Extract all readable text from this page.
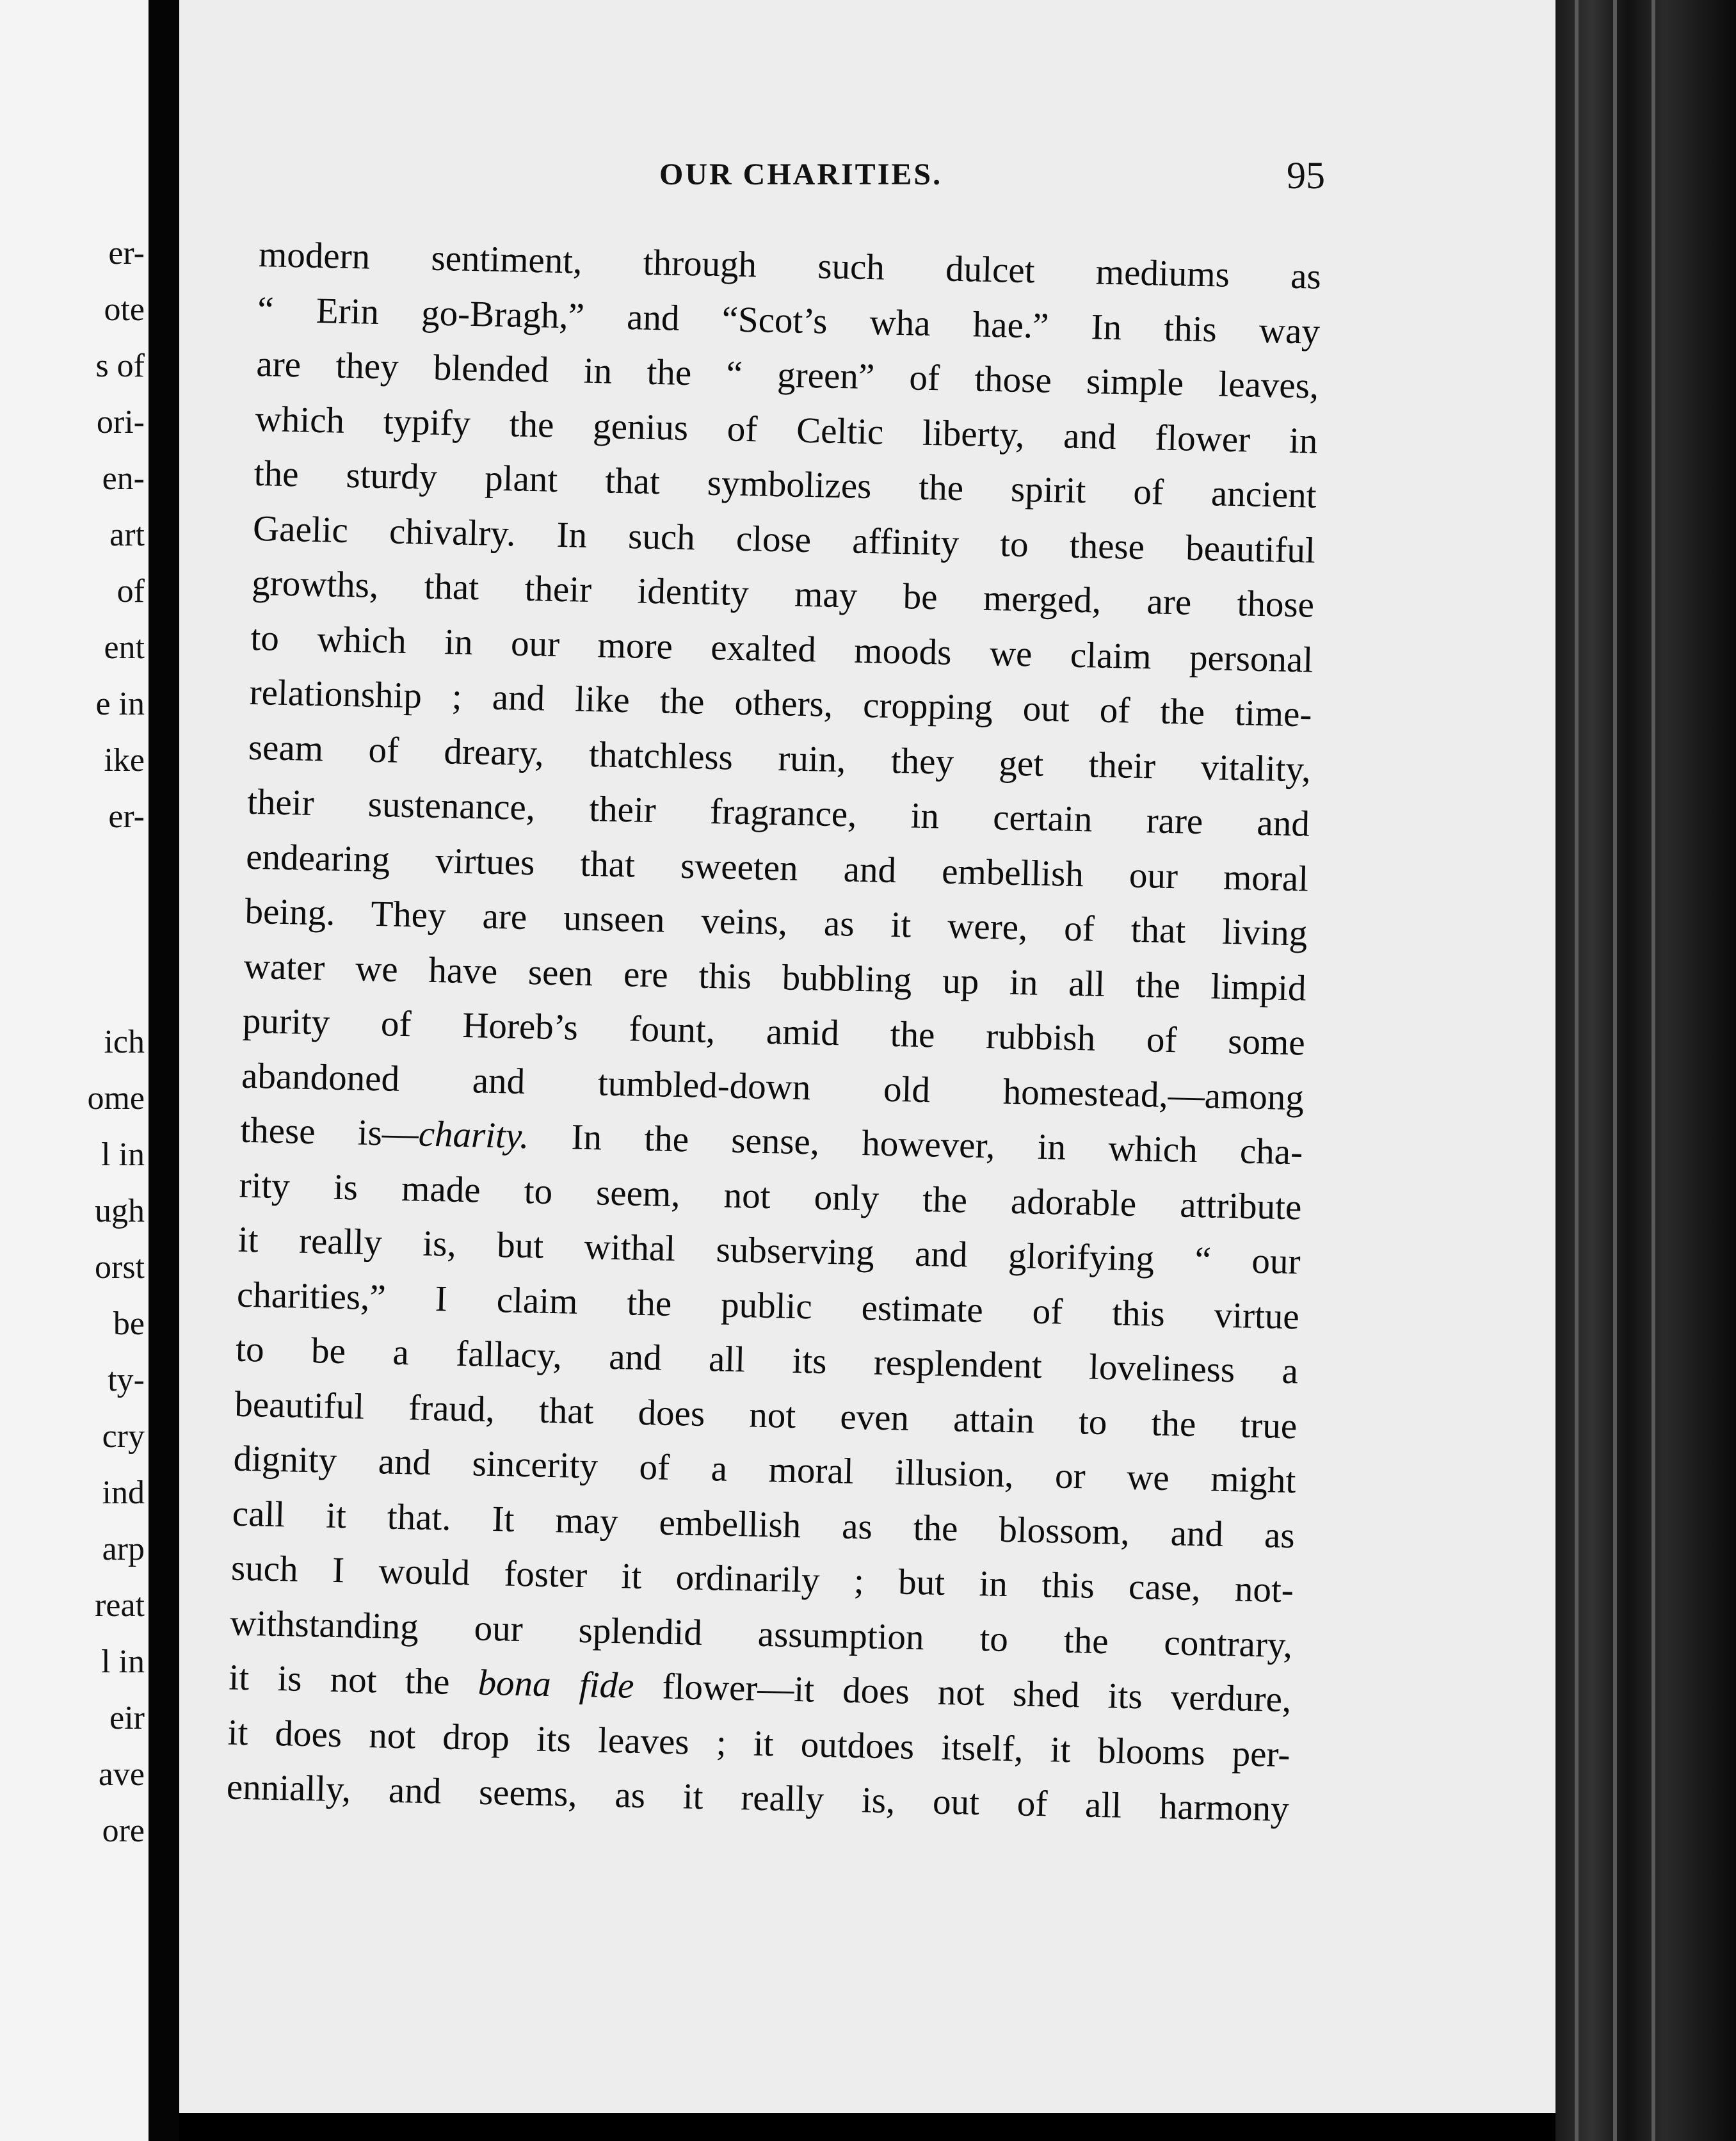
er-
ote
s of
ori-
en-
art
of
ent
e in
ike
er-
ich
ome
l in
ugh
orst
be
ty-
cry
ind
arp
reat
l in
eir
ave
ore
OUR CHARITIES.	95
modern sentiment, through such dulcet mediums as
“ Erin go-Bragh,” and “Scot’s wha hae.” In this way
are they blended in the “ green” of those simple leaves,
which typify the genius of Celtic liberty, and flower in
the sturdy plant that symbolizes the spirit of ancient
Gaelic chivalry. In such close affinity to these beautiful
growths, that their identity may be merged, are those
to which in our more exalted moods we claim personal
relationship ; and like the others, cropping out of the time-
seam of dreary, thatchless ruin, they get their vitality,
their sustenance, their fragrance, in certain rare and
endearing virtues that sweeten and embellish our moral
being. They are unseen veins, as it were, of that living
water we have seen ere this bubbling up in all the limpid
purity of Horeb’s fount, amid the rubbish of some
abandoned and tumbled-down old homestead,—among
these is—charity. In the sense, however, in which cha-
rity is made to seem, not only the adorable attribute
it really is, but withal subserving and glorifying “ our
charities,” I claim the public estimate of this virtue
to be a fallacy, and all its resplendent loveliness a
beautiful fraud, that does not even attain to the true
dignity and sincerity of a moral illusion, or we might
call it that. It may embellish as the blossom, and as
such I would foster it ordinarily ; but in this case, not-
withstanding our splendid assumption to the contrary,
it is not the bona fide flower—it does not shed its verdure,
it does not drop its leaves ; it outdoes itself, it blooms per-
ennially, and seems, as it really is, out of all harmony
